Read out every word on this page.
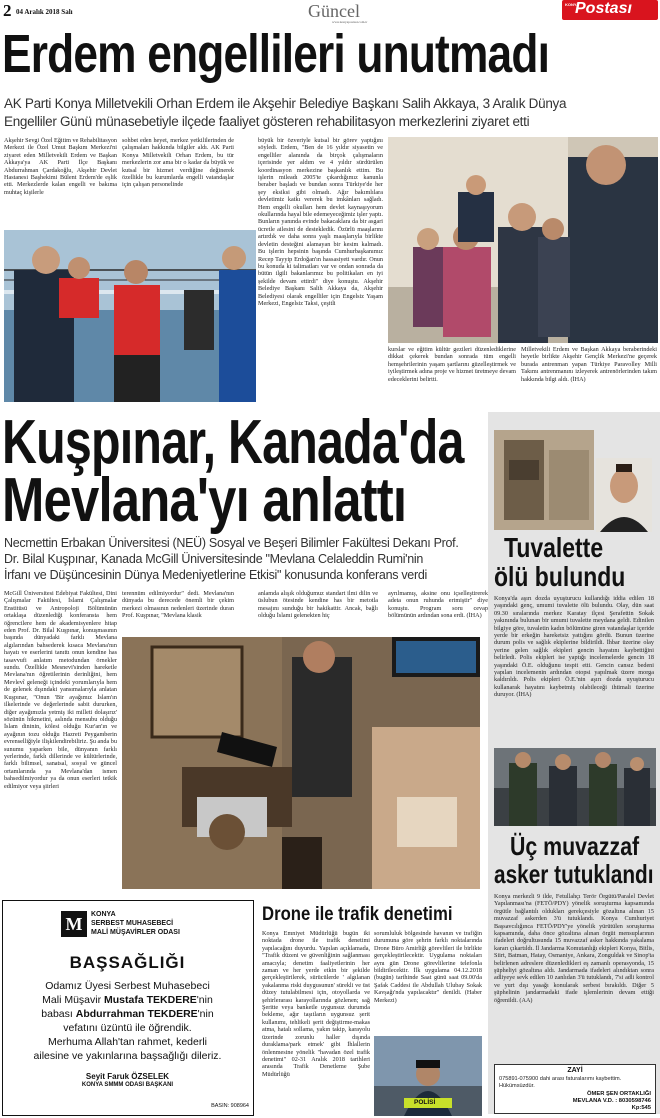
2 04 Aralık 2018 Salı	Güncel
www.konyapostasi.com.tr
KONYA
Postası
Erdem engellileri unutmadı
AK Parti Konya Milletvekili Orhan Erdem ile Akşehir Belediye Başkanı Salih Akkaya, 3 Aralık Dünya
Engelliler Günü münasebetiyle ilçede faaliyet gösteren rehabilitasyon merkezlerini ziyaret etti
Akşehir Sevgi Özel Eğitim ve Rehabilitasyon Merkezi ile Özel Umut Başkım Merkezi'ni ziyaret eden Milletvekili Erdem ve Başkan Akkaya'ya AK Parti İlçe Başkanı Abdurrahman Çardakoğlu, Akşehir Devlet Hastanesi Başhekimi Bülent Erdem'de eşlik etti. Merkezlerde kalan engelli ve bakıma muhtaç kişilerle
sohbet eden heyet, merkez yetkililerinden de çalışmaları hakkında bilgiler aldı. AK Parti Konya Milletvekili Orhan Erdem, bu tür merkezlerin zor ama bir o kadar da büyük ve kutsal bir hizmet verdiğine değinerek özellikle bu kurumlarda engelli vatandaşlar için çalışan personelinde
büyük bir özveriyle kutsal bir görev yaptığını söyledi. Erdem, "Ben de 16 yıldır siyasetin ve engelliler alanında da birçok çalışmaların içerisinde yer aldım ve 4 yıldır sürdürülen koordinasyon merkezine başkanlık ettim. Bu işlerin mileadı 2005'te çıkardığımız kanunla beraber başladı ve bundan sonra Türkiye'de her şey eksiksi gibi olmadı. Ağır bakımlılara devletimiz katkı vererek bu imkânları sağladı. Hem engelli okulları hem devlet kaynaşıyorum okullarında hayal bile edemeyeceğimiz işler yaptı. Bunların yanında evinde bakacaklara da bir asgari ücretle ailesini de destekledik. Özürlü maaşlarını artırdık ve daha sonra yaşlı maaşlarıyla birlikte devletin desteğini alamayan bir kesim kalmadı. Bu işlerin hepsinin başında Cumhurbaşkanımız Recep Tayyip Erdoğan'ın hassasiyeti vardır. Onun bu konuda ki talimatları var ve ondan sonrada da bütün ilgili bakanlarımız bu politikaları en iyi şekilde devam ettirdi" diye konuştu. Akşehir Belediye Başkanı Salih Akkaya da, Akşehir Belediyesi olarak engelliler için Engelsiz Yaşam Merkezi, Engelsiz Taksi, çeşitli
kurslar ve eğitim kültür gezileri düzenlediklerine dikkat çekerek bundan sonrada tüm engelli hemşehrilerinin yaşam şartlarını güzelleştirmek ve iyileştirmek adına proje ve hizmet üretmeye devam edeceklerini belirtti.
Milletvekili Erdem ve Başkan Akkaya beraberindeki heyetle birlikte Akşehir Gençlik Merkezi'ne geçerek burada antrenman yapan Türkiye Paravolley Milli Takımı antrenmanını izleyerek antrenörlerinden takım hakkında bilgi aldı. (İHA)
Kuşpınar, Kanada'da
Mevlana'yı anlattı
Necmettin Erbakan Üniversitesi (NEÜ) Sosyal ve Beşeri Bilimler Fakültesi Dekanı Prof.
Dr. Bilal Kuşpınar, Kanada McGill Üniversitesinde "Mevlana Celaleddin Rumi'nin
İrfanı ve Düşüncesinin Dünya Medeniyetlerine Etkisi" konusunda konferans verdi
McGill Üniversitesi Edebiyat Fakültesi, Dini Çalışmalar Fakültesi, İslami Çalışmalar Enstitüsü ve Antropoloji Bölümünün ortaklaşa düzenlediği konferansta hem öğrencilere hem de akademisyenlere hitap eden Prof. Dr. Bilal Kuşpınar, konuşmasının başında dünyadaki farklı Mevlana algılarından bahsederek kısaca Mevlana'nın hayatı ve eserlerini tanıttı onun kendine has tasavvufi anlatım metodundan örnekler sundu. Özellikle Mesnevi'sinden hareketle Mevlana'nın öğretilerinin derinliğini, hem Mevlevî geleneği içindeki yorumlarıyla hem de gelenek dışındaki yansımalarıyla anlatan Kuşpınar, "Onun 'Bir ayağımız İslam'ın ilkelerinde ve değerlerinde sabit dururken, diğer ayağımızla yetmiş iki milleti dolaşırız' sözünün hikmetini, aslında mensubu olduğu İslam dininin, kölesi olduğu Kur'an'ın ve ayağının tozu olduğu Hazreti Peygamberin evrenselliğiyle ilişkilendirebiliriz. Şu anda bu sunumu yaparken bile, dünyanın farklı yerlerinde, farklı dillerinde ve kültürlerinde, farklı bilimsel, sanatsal, sosyal ve güncel ortamlarında ya Mevlana'dan ismen bahsedilmiyordur ya da onun eserleri tetkik edilmiyor veya şiirleri
terennüm edilmiyordur" dedi. Mevlana'nın dünyada bu derecede önemli bir çekim merkezi olmasının nedenleri üzerinde duran Prof. Kuşpınar, "Mevlana klasik
anlamda alışık olduğumuz standart ilmi dilin ve üslubun ötesinde kendine has bir metotla mesajını sunduğu bir hakikattir. Ancak, bağlı olduğu İslami gelenekten hiç
ayrılmamış, aksine onu içselleştirerek adeta onun ruhunda erimiştir" diye konuştu. Program soru cevap bölümünün ardından sona erdi. (İHA)
Tuvalette
ölü bulundu
Konya'da aşırı dozda uyuşturucu kullandığı iddia edilen 18 yaşındaki genç, umumi tuvalette ölü bulundu. Olay, dün saat 09.30 sıralarında merkez Karatay ilçesi Şerafettin Sokak yakınında bulunan bir umumi tuvalette meydana geldi. Edinilen bilgiye göre, tuvaletin kadın bölümüne giren vatandaşlar içeride yerde bir erkeğin hareketsiz yattığını gördü. Bunun üzerine durum polis ve sağlık ekiplerine bildirildi. İhbar üzerine olay yerine gelen sağlık ekipleri gencin hayatını kaybettiğini belirledi. Polis ekipleri ise yaptığı incelemelerde gencin 18 yaşındaki Ö.E. olduğunu tespit etti. Gencin cansız bedeni yapılan incelemenin ardından otopsi yapılmak üzere morga kaldırıldı. Polis ekipleri Ö.E.'nin aşırı dozda uyuşturucu kullanarak hayatını kaybetmiş olabileceği ihtimali üzerine duruyor. (İHA)
Üç muvazzaf
asker tutuklandı
Konya merkezli 9 ilde, Fetullahçı Terör Örgütü/Paralel Devlet Yapılanması'na (FETÖ/PDY) yönelik soruşturma kapsamında örgütle bağlantılı oldukları gerekçesiyle gözaltına alınan 15 muvazzaf askerden 3'ü tutuklandı. Konya Cumhuriyet Başsavcılığınca FETÖ/PDY'ye yönelik yürütülen soruşturma kapsamında, daha önce gözaltına alınan örgüt mensuplarının ifadeleri doğrultusunda 15 muvazzaf asker hakkında yakalama kararı çıkartıldı. İl Jandarma Komutanlığı ekipleri Konya, Bitlis, Siirt, Batman, Hatay, Osmaniye, Ankara, Zonguldak ve Sinop'ta belirlenen adreslere düzenledikleri eş zamanlı operasyonda, 15 şüpheliyi gözaltına aldı. Jandarmada ifadeleri alındıktan sonra adliyeye sevk edilen 10 zanlıdan 3'ü tutuklandı, 7'si adli kontrol ve yurt dışı yasağı konularak serbest bırakıldı. Diğer 5 şüphelinin jandarmadaki ifade işlemlerinin devam ettiği öğrenildi. (AA)
ZAYİ
075891-075900 dahi arası faturalarımı kaybettim. Hükümsüzdür.
ÖMER ŞEN ORTAKLIĞI
MEVLANA V.D. : 8030598746
Kp:545
M	KONYA
SERBEST MUHASEBECİ
MALİ MÜŞAVİRLER ODASI
BAŞSAĞLIĞI
Odamız Üyesi Serbest Muhasebeci
Mali Müşavir Mustafa TEKDERE'nin
babası Abdurrahman TEKDERE'nin
vefatını üzüntü ile öğrendik.
Merhuma Allah'tan rahmet, kederli
ailesine ve yakınlarına başsağlığı dileriz.
Seyit Faruk ÖZSELEK
KONYA SMMM ODASI BAŞKANI
BASIN: 908964
Drone ile trafik denetimi
Konya Emniyet Müdürlüğü bugün iki noktada drone ile trafik denetimi yapılacağını duyurdu. Yapılan açıklamada, "Trafik düzeni ve güvenliğinin sağlanması amacıyla; denetim faaliyetlerinin her zaman ve her yerde etkin bir şekilde gerçekleştirilerek, sürücülerde ' algılanan yakalanma riski duygusunun' sürekli ve üst düzey tutulabilmesi için, otoyollarda ve şehirlerarası karayollarında gözlenen; sağ Şeritte veya banketle uygunsuz durumda bekleme, ağır taşıtların uygunsuz şerit kullanımı, tehlikeli şerit değiştirme-makas atma, hatalı sollama, yakın takip, karayolu üzerinde zorunlu haller dışında duraklama/park etmek' gibi İhlallerin önlenmesine yönelik "havadan özel trafik denetimi" 02-31 Aralık 2018 tarihleri arasında Trafik Denetleme Şube Müdürlüğü
sorumluluk bölgesinde havanın ve trafiğin durumuna göre şehrin farklı noktalarında Drone Büro Amirliği görevlileri ile birlikte gerçekleştirilecektir. Uygulama noktaları aynı gün Drone görevlilerine telefonla bildirilecektir. İlk uygulama 04.12.2018 (bugün) tarihinde Saat günü saat 09.00'da Şafak Caddesi ile Abdullah Ulubay Sokak Kavşağı'nda yapılacaktır" denildi. (Haber Merkezi)
POLİSİ
